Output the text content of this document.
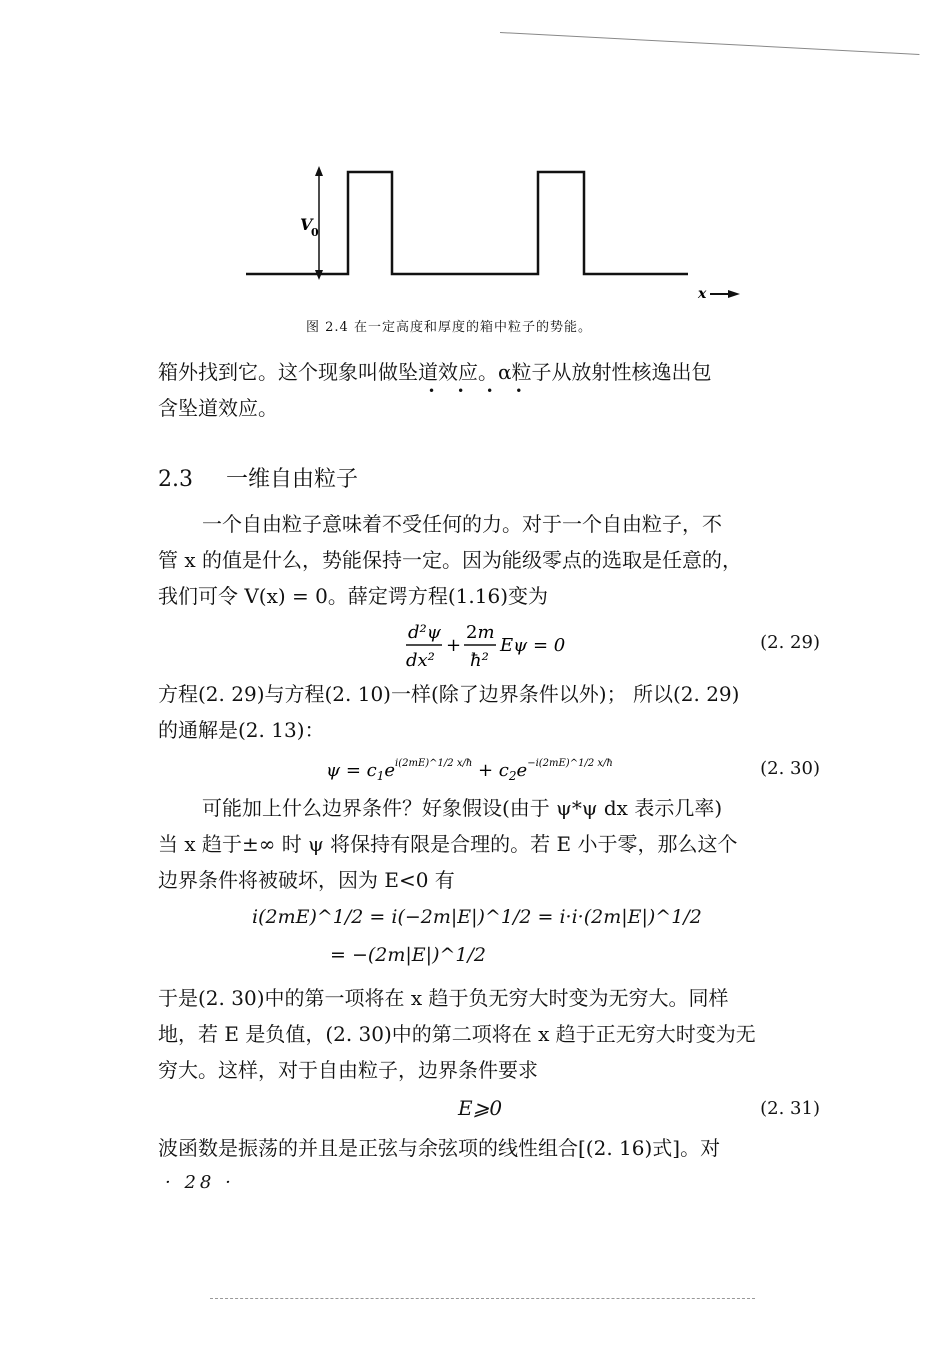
V
0
x
图 2.4 在一定高度和厚度的箱中粒子的势能。
箱外找到它。这个现象叫做坠道效应。α粒子从放射性核逸出包
含坠道效应。
••••
2.3 一维自由粒子
一个自由粒子意味着不受任何的力。对于一个自由粒子，不
管 x 的值是什么，势能保持一定。因为能级零点的选取是任意的，
我们可令 V(x) = 0。薛定谔方程(1.16)变为
d²ψ
dx²
+
2m
ħ²
Eψ = 0	(2. 29)
方程(2. 29)与方程(2. 10)一样(除了边界条件以外)； 所以(2. 29)
的通解是(2. 13)：
$\psi = c_1e^{i(2mE)\^{}1/2 x/ħ} + c_2e^{-i(2mE)\^{}1/2 x/ħ}$	(2. 30)
可能加上什么边界条件？好象假设(由于 ψ*ψ dx 表示几率)
当 x 趋于±∞ 时 ψ 将保持有限是合理的。若 E 小于零，那么这个
边界条件将被破坏，因为 E<0 有
i(2mE)^1/2 = i(−2m|E|)^1/2 = i·i·(2m|E|)^1/2
= −(2m|E|)^1/2
于是(2. 30)中的第一项将在 x 趋于负无穷大时变为无穷大。同样
地，若 E 是负值，(2. 30)中的第二项将在 x 趋于正无穷大时变为无
穷大。这样，对于自由粒子，边界条件要求
E⩾0	(2. 31)
波函数是振荡的并且是正弦与余弦项的线性组合[(2. 16)式]。对
· 28 ·
